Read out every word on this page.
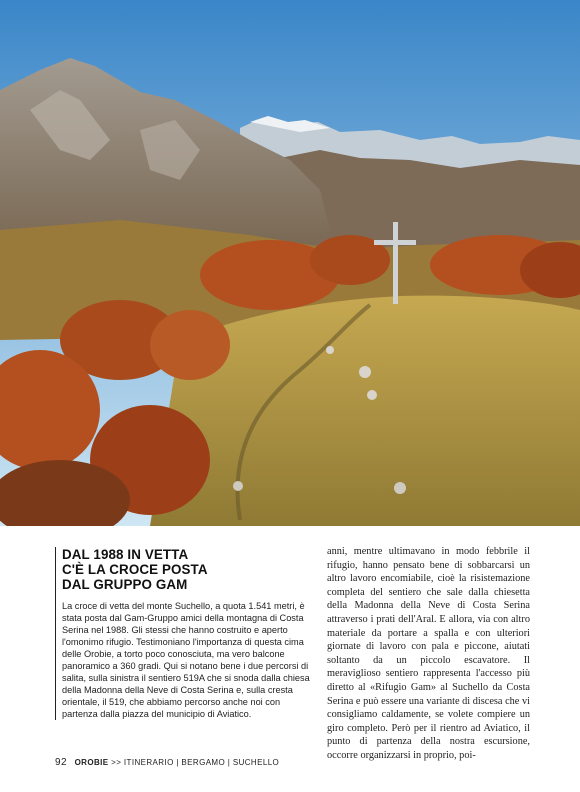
DAL 1988 IN VETTA
C'È LA CROCE POSTA
DAL GRUPPO GAM

La croce di vetta del monte Suchello, a quota 1.541 metri, è stata posta dal Gam-Gruppo amici della montagna di Costa Serina nel 1988. Gli stessi che hanno costruito e aperto l'omonimo rifugio. Testimoniano l'importanza di questa cima delle Orobie, a torto poco conosciuta, ma vero balcone panoramico a 360 gradi. Qui si notano bene i due percorsi di salita, sulla sinistra il sentiero 519A che si snoda dalla chiesa della Madonna della Neve di Costa Serina e, sulla cresta orientale, il 519, che abbiamo percorso anche noi con partenza dalla piazza del municipio di Aviatico.

anni, mentre ultimavano in modo febbrile il rifugio, hanno pensato bene di sobbarcarsi un altro lavoro encomiabile, cioè la risistemazione completa del sentiero che sale dalla chiesetta della Madonna della Neve di Costa Serina attraverso i prati dell'Aral. E allora, via con altro materiale da portare a spalla e con ulteriori giornate di lavoro con pala e piccone, aiutati soltanto da un piccolo escavatore. Il meraviglioso sentiero rappresenta l'accesso più diretto al «Rifugio Gam» al Suchello da Costa Serina e può essere una variante di discesa che vi consigliamo caldamente, se volete compiere un giro completo. Però per il rientro ad Aviatico, il punto di partenza della nostra escursione, occorre organizzarsi in proprio, poi-

92 OROBIE >> ITINERARIO | BERGAMO | SUCHELLO
